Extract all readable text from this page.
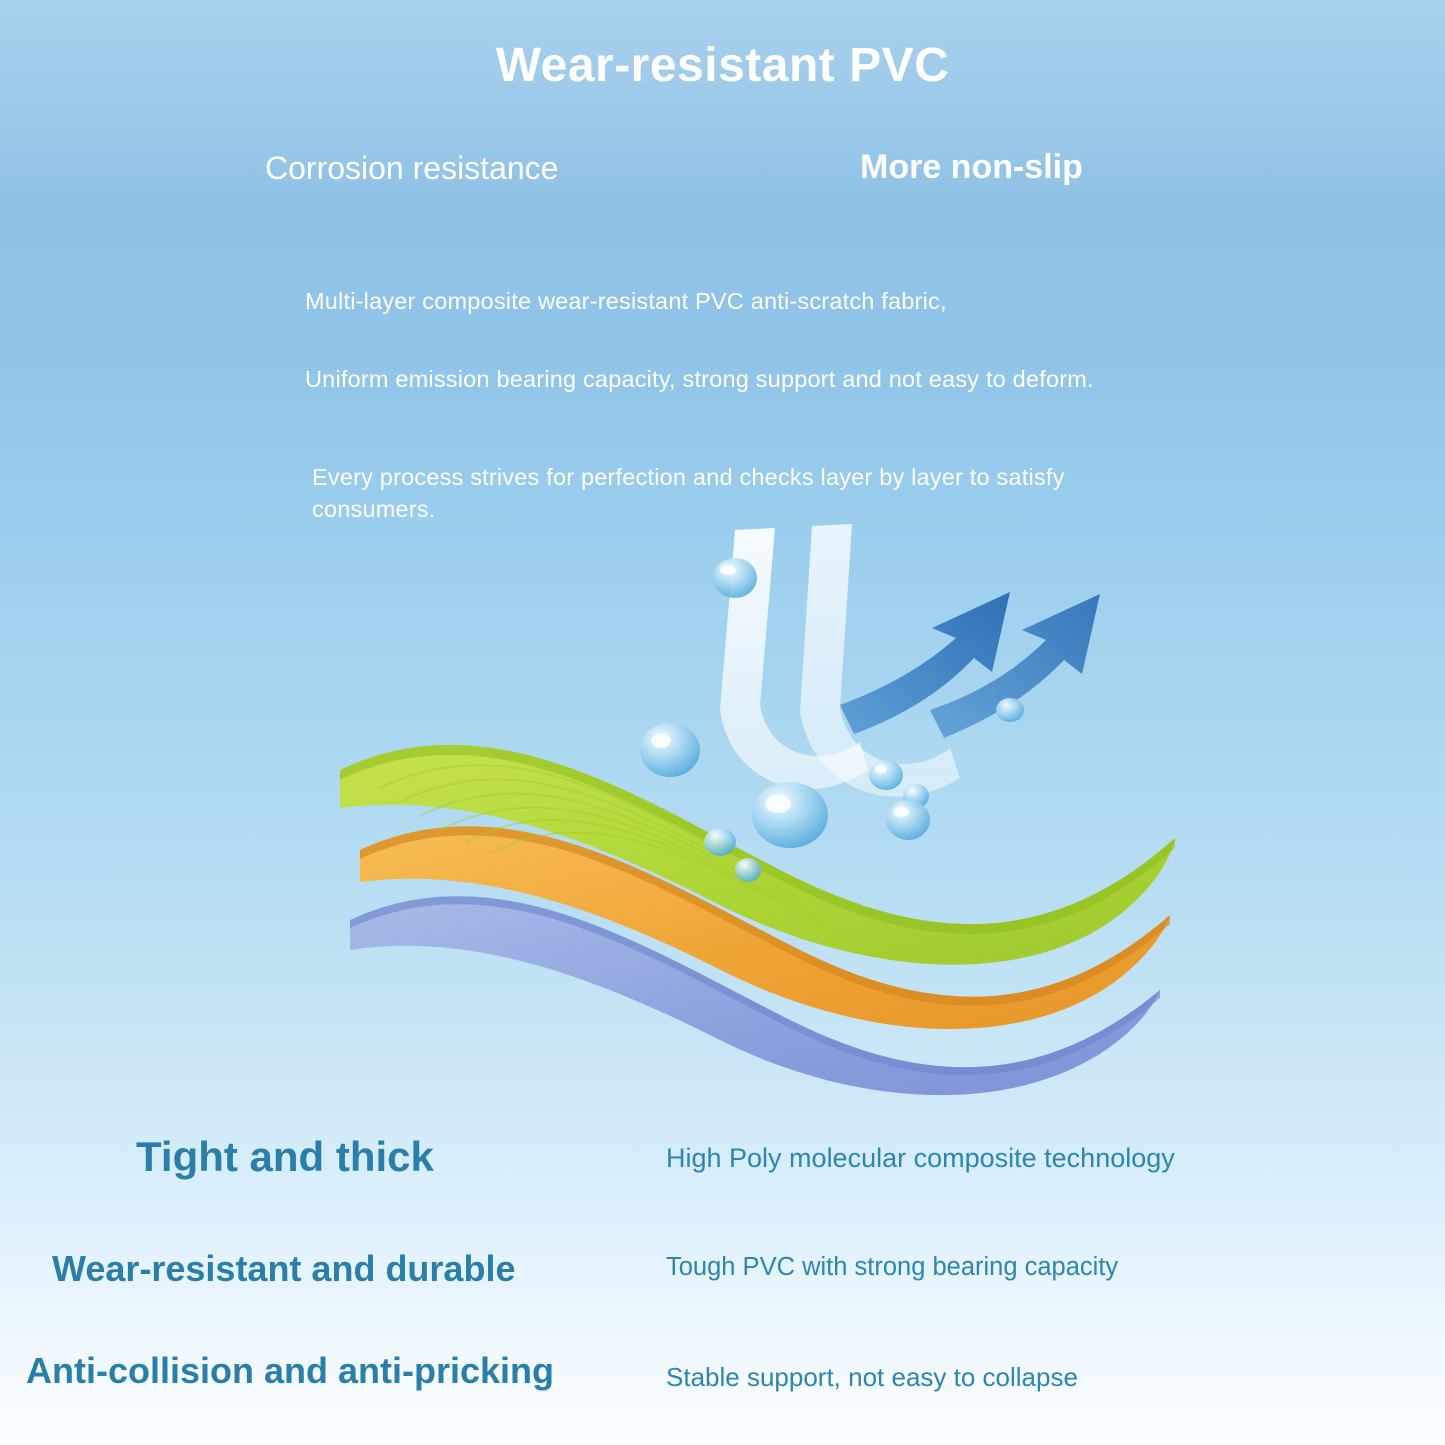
Wear-resistant PVC
Corrosion resistance	More non-slip
Multi-layer composite wear-resistant PVC anti-scratch fabric,
Uniform emission bearing capacity, strong support and not easy to deform.
Every process strives for perfection and checks layer by layer to satisfy consumers.
Tight and thick	High Poly molecular composite technology
Wear-resistant and durable	Tough PVC with strong bearing capacity
Anti-collision and anti-pricking	Stable support, not easy to collapse
